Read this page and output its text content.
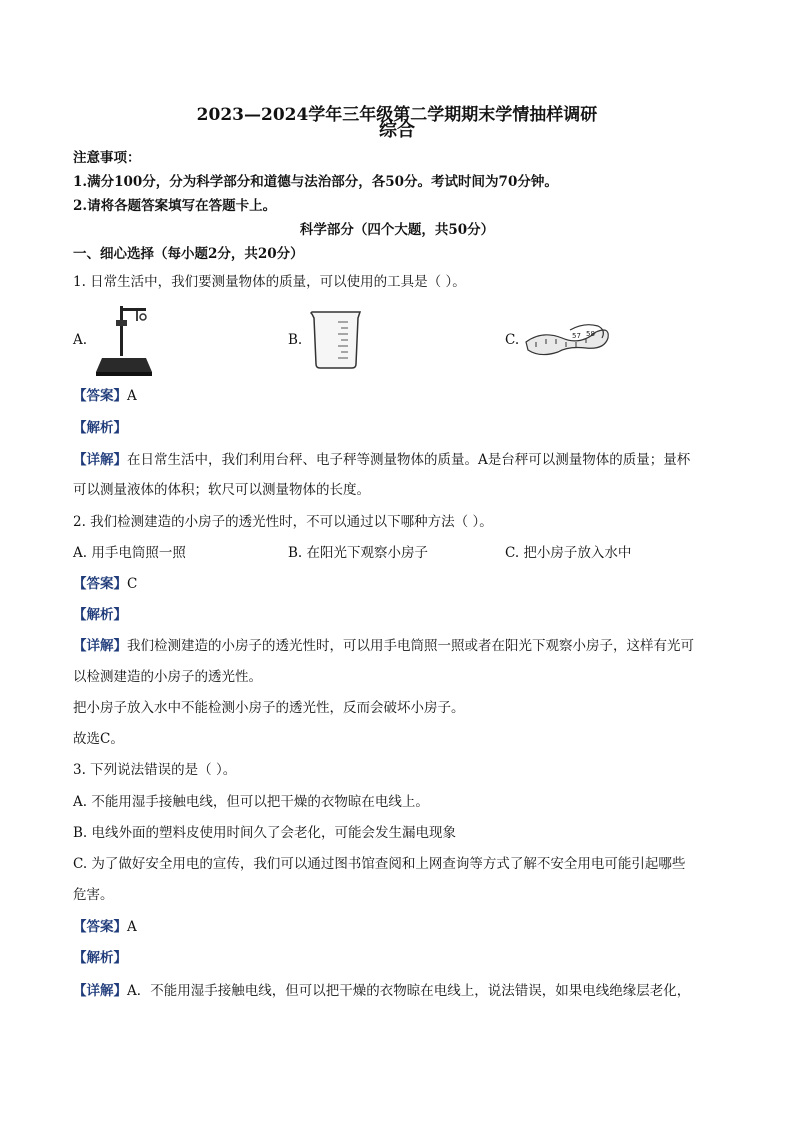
2023—2024学年三年级第二学期期末学情抽样调研
综合
注意事项：
1.满分100分，分为科学部分和道德与法治部分，各50分。考试时间为70分钟。
2.请将各题答案填写在答题卡上。
科学部分（四个大题，共50分）
一、细心选择（每小题2分，共20分）
1. 日常生活中，我们要测量物体的质量，可以使用的工具是（ ）。
A.	B.	C.	57 58
【答案】A
【解析】
【详解】在日常生活中，我们利用台秤、电子秤等测量物体的质量。A是台秤可以测量物体的质量；量杯
可以测量液体的体积；软尺可以测量物体的长度。
2. 我们检测建造的小房子的透光性时，不可以通过以下哪种方法（ ）。
A. 用手电筒照一照	B. 在阳光下观察小房子	C. 把小房子放入水中
【答案】C
【解析】
【详解】我们检测建造的小房子的透光性时，可以用手电筒照一照或者在阳光下观察小房子，这样有光可
以检测建造的小房子的透光性。
把小房子放入水中不能检测小房子的透光性，反而会破坏小房子。
故选C。
3. 下列说法错误的是（ ）。
A. 不能用湿手接触电线，但可以把干燥的衣物晾在电线上。
B. 电线外面的塑料皮使用时间久了会老化，可能会发生漏电现象
C. 为了做好安全用电的宣传，我们可以通过图书馆查阅和上网查询等方式了解不安全用电可能引起哪些
危害。
【答案】A
【解析】
【详解】A．不能用湿手接触电线，但可以把干燥的衣物晾在电线上，说法错误，如果电线绝缘层老化，
